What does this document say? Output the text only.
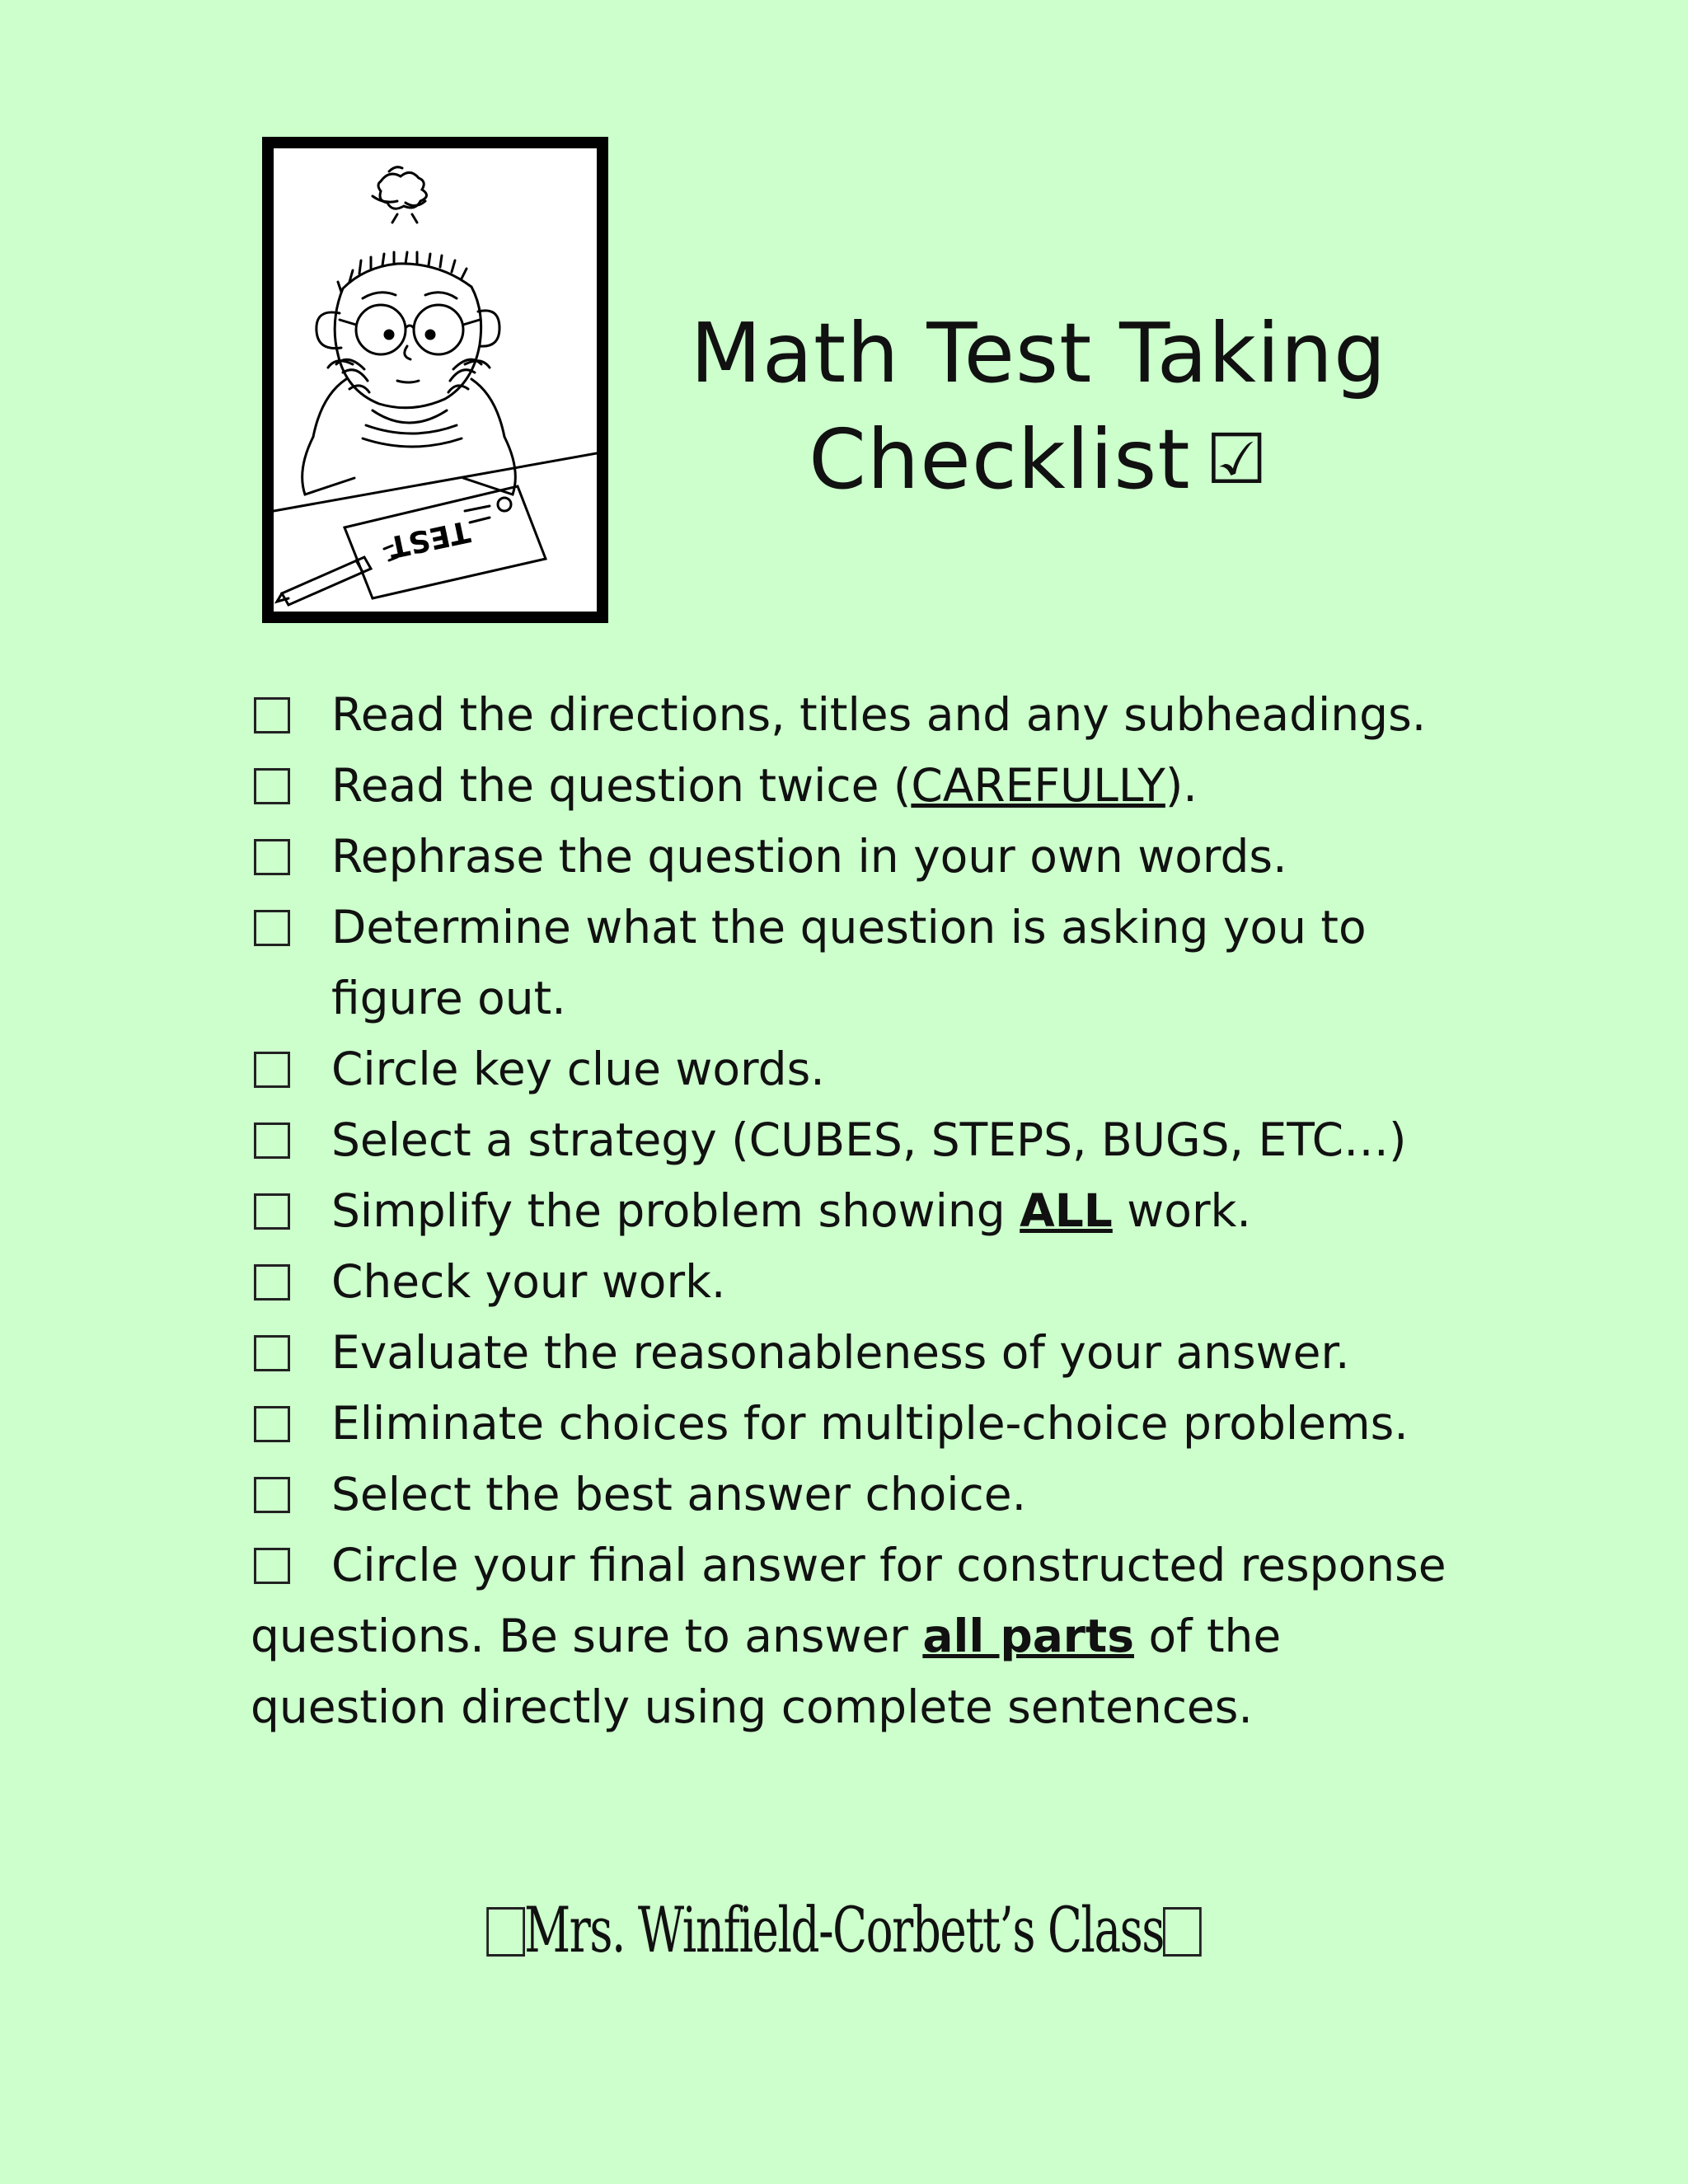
TEST
Math Test Taking
Checklist ☑
Read the directions, titles and any subheadings.
Read the question twice (CAREFULLY).
Rephrase the question in your own words.
Determine what the question is asking you to figure out.
Circle key clue words.
Select a strategy (CUBES, STEPS, BUGS, ETC…)
Simplify the problem showing ALL work.
Check your work.
Evaluate the reasonableness of your answer.
Eliminate choices for multiple-choice problems.
Select the best answer choice.
Circle your final answer for constructed response questions. Be sure to answer all parts of the question directly using complete sentences.
Mrs. Winfield-Corbett’s Class
